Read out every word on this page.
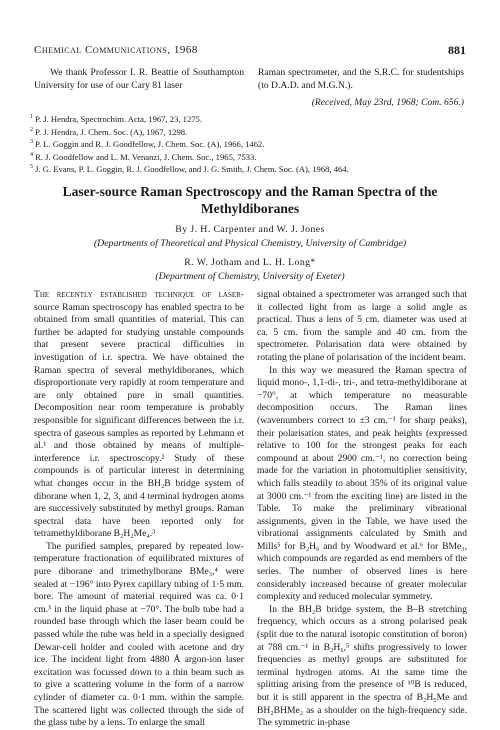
Chemical Communications, 1968	881
We thank Professor I. R. Beattie of Southampton University for use of our Cary 81 laser
Raman spectrometer, and the S.R.C. for studentships (to D.A.D. and M.G.N.).
(Received, May 23rd, 1968; Com. 656.)
$^1$ P. J. Hendra, Spectrochim. Acta, 1967, 23, 1275.
$^2$ P. J. Hendra, J. Chem. Soc. (A), 1967, 1298.
$^3$ P. L. Goggin and R. J. Goodfellow, J. Chem. Soc. (A), 1966, 1462.
$^4$ R. J. Goodfellow and L. M. Venanzi, J. Chem. Soc., 1965, 7533.
$^5$ J. G. Evans, P. L. Goggin, R. J. Goodfellow, and J. G. Smith, J. Chem. Soc. (A), 1968, 464.
Laser-source Raman Spectroscopy and the Raman Spectra of the Methyldiboranes
By J. H. Carpenter and W. J. Jones
(Departments of Theoretical and Physical Chemistry, University of Cambridge)
R. W. Jotham and L. H. Long*
(Department of Chemistry, University of Exeter)

The recently established technique of laser-source Raman spectroscopy has enabled spectra to be obtained from small quantities of material. This can further be adapted for studying unstable compounds that present severe practical difficulties in investigation of i.r. spectra. We have obtained the Raman spectra of several methyldiboranes, which disproportionate very rapidly at room temperature and are only obtained pure in small quantities. Decomposition near room temperature is probably responsible for significant differences between the i.r. spectra of gaseous samples as reported by Lehmann et al.¹ and those obtained by means of multiple-interference i.r. spectroscopy.² Study of these compounds is of particular interest in determining what changes occur in the BH₂B bridge system of diborane when 1, 2, 3, and 4 terminal hydrogen atoms are successively substituted by methyl groups. Raman spectral data have been reported only for tetramethyldiborane B₂H₂Me₄.³

The purified samples, prepared by repeated low-temperature fractionation of equilibrated mixtures of pure diborane and trimethylborane BMe₃,⁴ were sealed at −196° into Pyrex capillary tubing of 1·5 mm. bore. The amount of material required was ca. 0·1 cm.³ in the liquid phase at −70°. The bulb tube had a rounded base through which the laser beam could be passed while the tube was held in a specially designed Dewar-cell holder and cooled with acetone and dry ice. The incident light from 4880 Å argon-ion laser excitation was focussed down to a thin beam such as to give a scattering volume in the form of a narrow cylinder of diameter ca. 0·1 mm. within the sample. The scattered light was collected through the side of the glass tube by a lens. To enlarge the small

signal obtained a spectrometer was arranged such that it collected light from as large a solid angle as practical. Thus a lens of 5 cm. diameter was used at ca. 5 cm. from the sample and 40 cm. from the spectrometer. Polarisation data were obtained by rotating the plane of polarisation of the incident beam.

In this way we measured the Raman spectra of liquid mono-, 1,1-di-, tri-, and tetra-methyldiborane at −70°, at which temperature no measurable decomposition occurs. The Raman lines (wavenumbers correct to ±3 cm.⁻¹ for sharp peaks), their polarisation states, and peak heights (expressed relative to 100 for the strongest peaks for each compound at about 2900 cm.⁻¹, no correction being made for the variation in photomultiplier sensitivity, which falls steadily to about 35% of its original value at 3000 cm.⁻¹ from the exciting line) are listed in the Table. To make the preliminary vibrational assignments, given in the Table, we have used the vibrational assignments calculated by Smith and Mills⁵ for B₂H₆ and by Woodward et al.⁶ for BMe₃, which compounds are regarded as end members of the series. The number of observed lines is here considerably increased because of greater molecular complexity and reduced molecular symmetry.

In the BH₂B bridge system, the B–B stretching frequency, which occurs as a strong polarised peak (split due to the natural isotopic constitution of boron) at 788 cm.⁻¹ in B₂H₆,⁵ shifts progressively to lower frequencies as methyl groups are substituted for terminal hydrogen atoms. At the same time the splitting arising from the presence of ¹⁰B is reduced, but it is still apparent in the spectra of B₂H₅Me and BH₂BHMe₂ as a shoulder on the high-frequency side. The symmetric in-phase
